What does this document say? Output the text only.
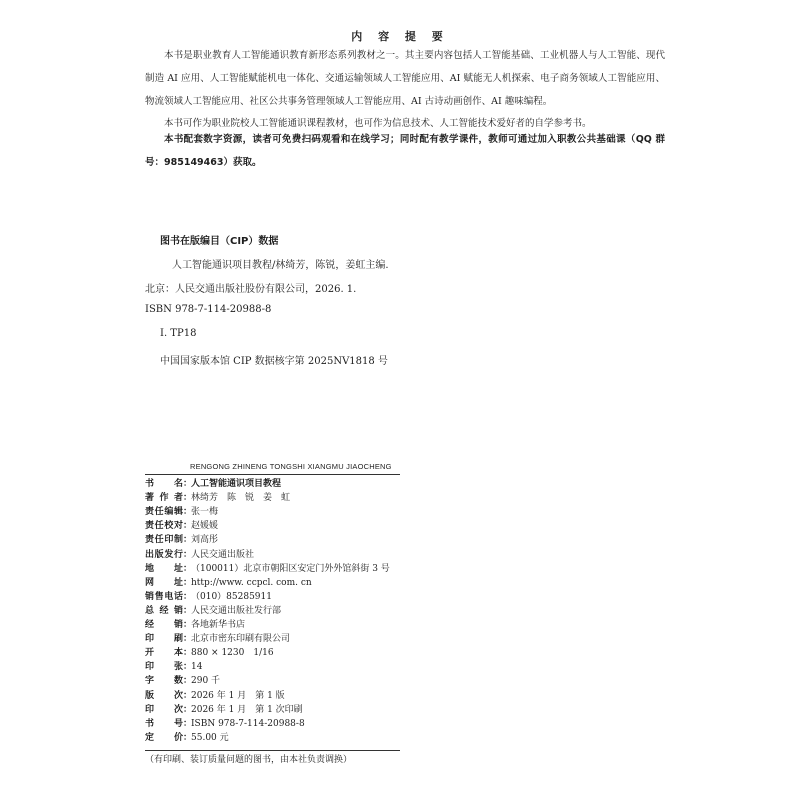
内 容 提 要
本书是职业教育人工智能通识教育新形态系列教材之一。其主要内容包括人工智能基础、工业机器人与人工智能、现代制造 AI 应用、人工智能赋能机电一体化、交通运输领域人工智能应用、AI 赋能无人机探索、电子商务领域人工智能应用、物流领域人工智能应用、社区公共事务管理领域人工智能应用、AI 古诗动画创作、AI 趣味编程。
本书可作为职业院校人工智能通识课程教材，也可作为信息技术、人工智能技术爱好者的自学参考书。
本书配套数字资源，读者可免费扫码观看和在线学习；同时配有教学课件，教师可通过加入职教公共基础课（QQ 群号：985149463）获取。
图书在版编目（CIP）数据
人工智能通识项目教程/林绮芳，陈锐，姜虹主编.
北京：人民交通出版社股份有限公司，2026. 1.
ISBN 978-7-114-20988-8
Ⅰ. TP18
中国国家版本馆 CIP 数据核字第 2025NV1818 号
RENGONG ZHINENG TONGSHI XIANGMU JIAOCHENG
书名：人工智能通识项目教程
著作者：林绮芳　陈　锐　姜　虹
责任编辑：张一梅
责任校对：赵媛媛
责任印制：刘高彤
出版发行：人民交通出版社
地址：（100011）北京市朝阳区安定门外外馆斜街 3 号
网址：http://www. ccpcl. com. cn
销售电话：（010）85285911
总经销：人民交通出版社发行部
经销：各地新华书店
印刷：北京市密东印刷有限公司
开本：880 × 1230　1/16
印张：14
字数：290 千
版次：2026 年 1 月　第 1 版
印次：2026 年 1 月　第 1 次印刷
书号：ISBN 978-7-114-20988-8
定价：55.00 元
（有印刷、装订质量问题的图书，由本社负责调换）
